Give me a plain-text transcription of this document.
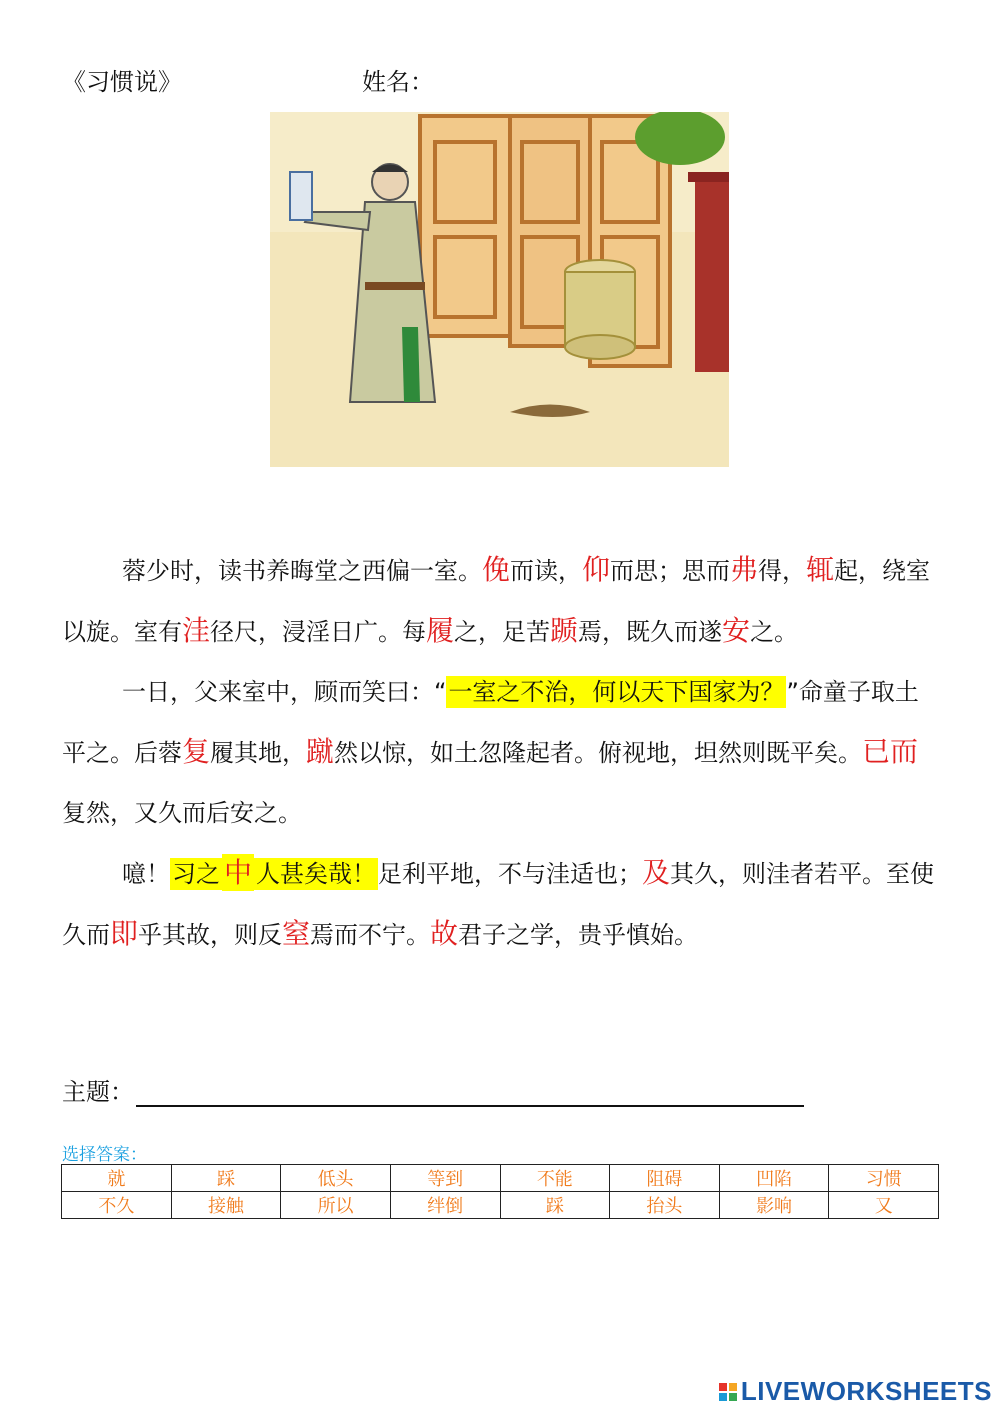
《习惯说》	姓名：

蓉少时，读书养晦堂之西偏一室。俛而读，仰而思；思而弗得，辄起，绕室以旋。室有洼径尺，浸淫日广。每履之，足苦踬焉，既久而遂安之。

一日，父来室中，顾而笑曰：“一室之不治，何以天下国家为？”命童子取土平之。后蓉复履其地，蹴然以惊，如土忽隆起者。俯视地，坦然则既平矣。已而复然，又久而后安之。

噫！习之 中 人甚矣哉！足利平地，不与洼适也；及其久，则洼者若平。至使久而即乎其故，则反窒焉而不宁。故君子之学，贵乎慎始。

主题：
选择答案：
就	踩	低头	等到	不能	阻碍	凹陷	习惯
不久	接触	所以	绊倒	踩	抬头	影响	又
LIVEWORKSHEETS
